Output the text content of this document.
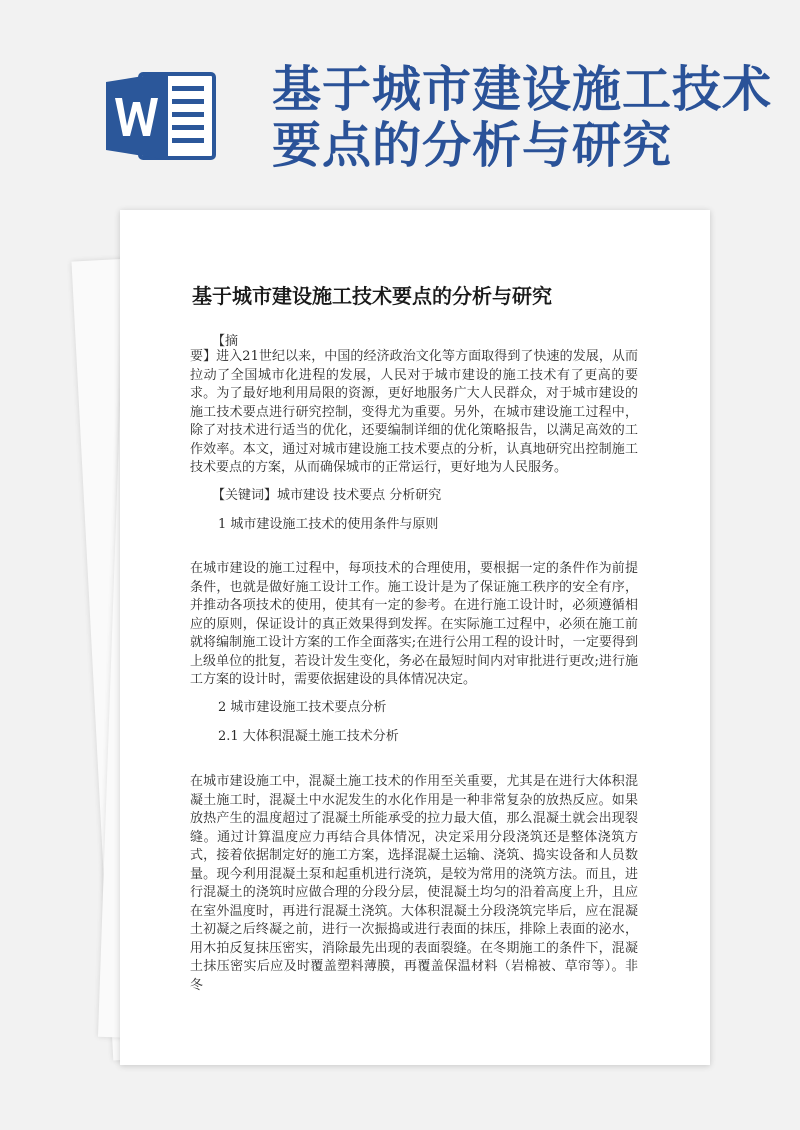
基于城市建设施工技术要点的分析与研究
基于城市建设施工技术要点的分析与研究
【摘

要】进入21世纪以来，中国的经济政治文化等方面取得到了快速的发展，从而拉动了全国城市化进程的发展，人民对于城市建设的施工技术有了更高的要求。为了最好地利用局限的资源，更好地服务广大人民群众，对于城市建设的施工技术要点进行研究控制，变得尤为重要。另外，在城市建设施工过程中，除了对技术进行适当的优化，还要编制详细的优化策略报告，以满足高效的工作效率。本文，通过对城市建设施工技术要点的分析，认真地研究出控制施工技术要点的方案，从而确保城市的正常运行，更好地为人民服务。

【关键词】城市建设 技术要点 分析研究

1 城市建设施工技术的使用条件与原则

在城市建设的施工过程中，每项技术的合理使用，要根据一定的条件作为前提条件，也就是做好施工设计工作。施工设计是为了保证施工秩序的安全有序，并推动各项技术的使用，使其有一定的参考。在进行施工设计时，必须遵循相应的原则，保证设计的真正效果得到发挥。在实际施工过程中，必须在施工前就将编制施工设计方案的工作全面落实;在进行公用工程的设计时，一定要得到上级单位的批复，若设计发生变化，务必在最短时间内对审批进行更改;进行施工方案的设计时，需要依据建设的具体情况决定。

2 城市建设施工技术要点分析

2.1 大体积混凝土施工技术分析

在城市建设施工中，混凝土施工技术的作用至关重要，尤其是在进行大体积混凝土施工时，混凝土中水泥发生的水化作用是一种非常复杂的放热反应。如果放热产生的温度超过了混凝土所能承受的拉力最大值，那么混凝土就会出现裂缝。通过计算温度应力再结合具体情况，决定采用分段浇筑还是整体浇筑方式，接着依据制定好的施工方案，选择混凝土运输、浇筑、捣实设备和人员数量。现今利用混凝土泵和起重机进行浇筑，是较为常用的浇筑方法。而且，进行混凝土的浇筑时应做合理的分段分层，使混凝土均匀的沿着高度上升，且应在室外温度时，再进行混凝土浇筑。大体积混凝土分段浇筑完毕后，应在混凝土初凝之后终凝之前，进行一次振捣或进行表面的抹压，排除上表面的泌水，用木拍反复抹压密实，消除最先出现的表面裂缝。在冬期施工的条件下，混凝土抹压密实后应及时覆盖塑料薄膜，再覆盖保温材料（岩棉被、草帘等）。非冬
